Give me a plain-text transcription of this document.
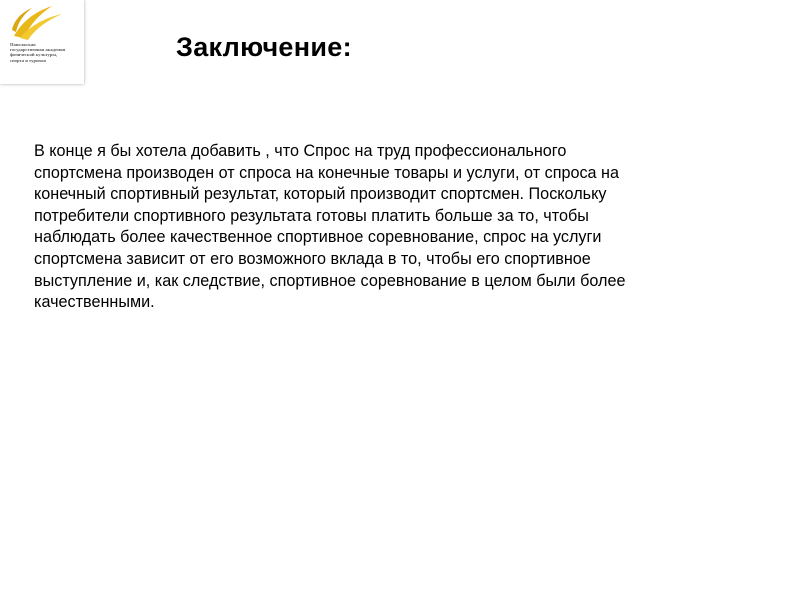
Поволжская
государственная академия
физической культуры,
спорта и туризма	Заключение:

В конце я бы хотела добавить , что Спрос на труд профессионального
спортсмена производен от спроса на конечные товары и услуги, от спроса на
конечный спортивный результат, который производит спортсмен. Поскольку
потребители спортивного результата готовы платить больше за то, чтобы
наблюдать более качественное спортивное соревнование, спрос на услуги
спортсмена зависит от его возможного вклада в то, чтобы его спортивное
выступление и, как следствие, спортивное соревнование в целом были более
качественными.
